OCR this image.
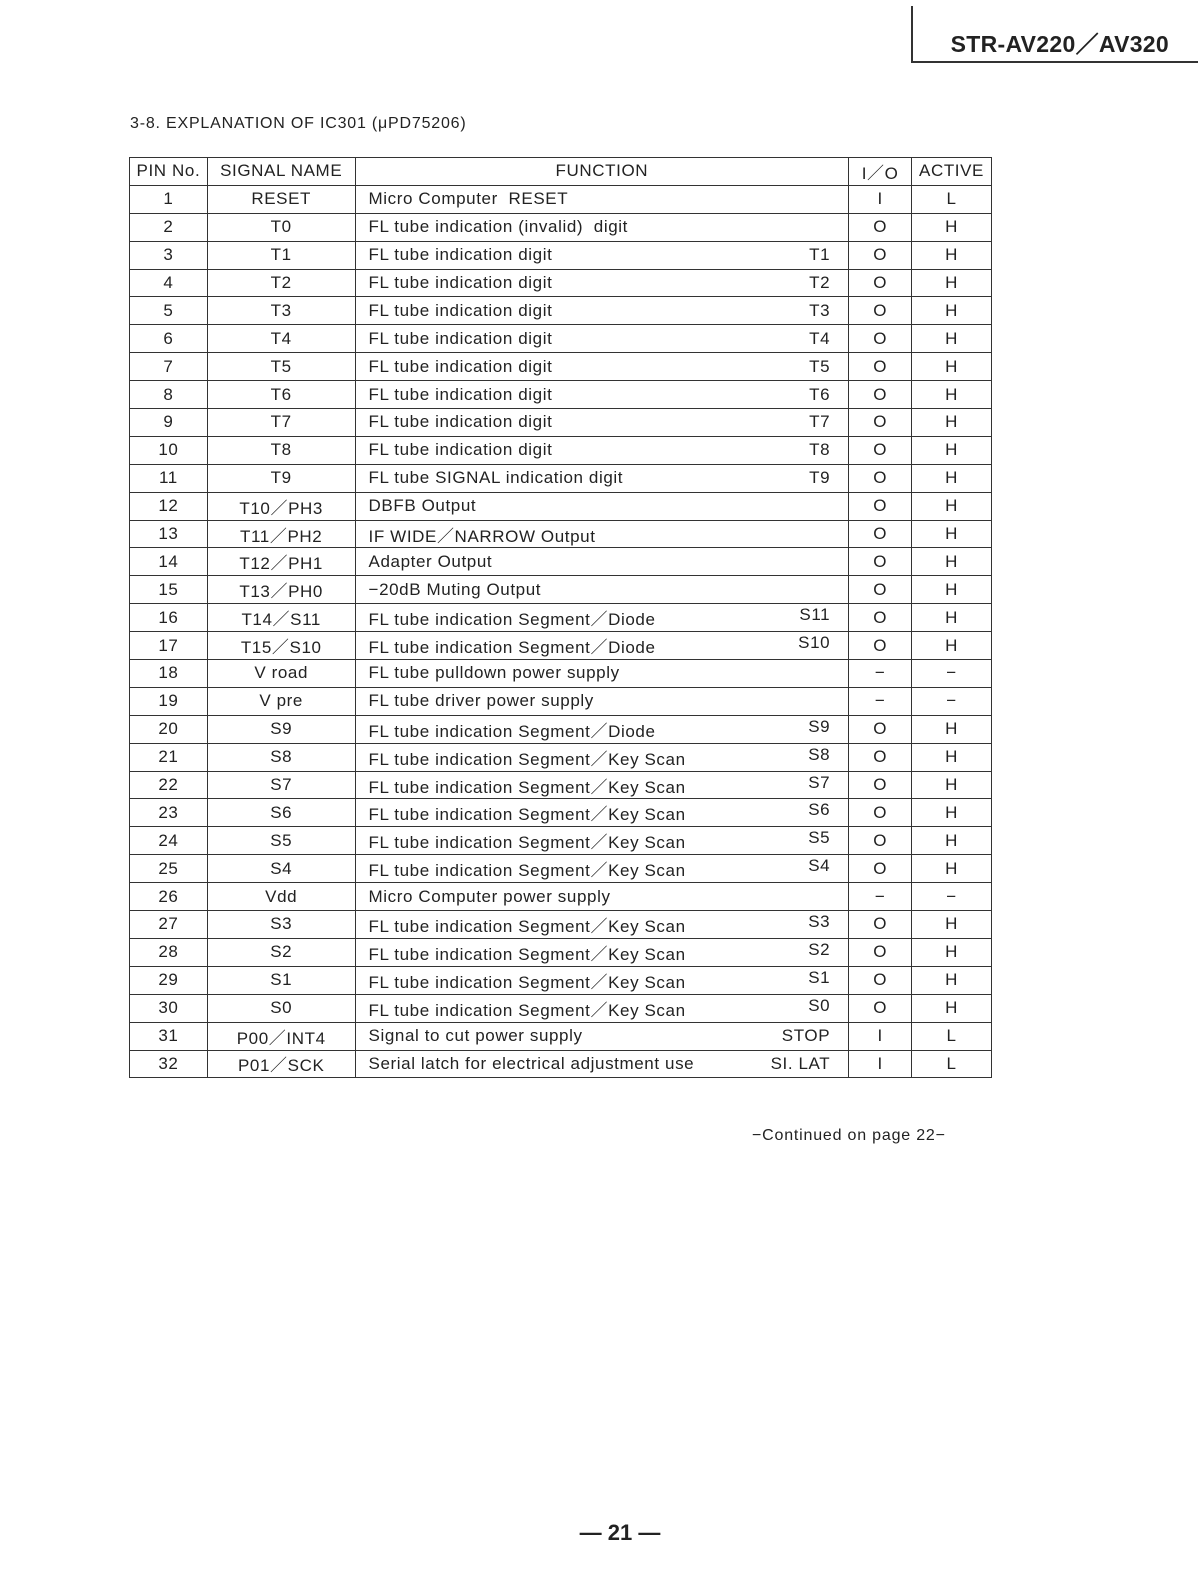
STR-AV220／AV320
3-8. EXPLANATION OF IC301 (μPD75206)
PIN No.	SIGNAL NAME	FUNCTION	I／O	ACTIVE
1	RESET	Micro Computer  RESET	I	L
2	T0	FL tube indication (invalid)  digit	O	H
3	T1	FL tube indication digit T1	O	H
4	T2	FL tube indication digit T2	O	H
5	T3	FL tube indication digit T3	O	H
6	T4	FL tube indication digit T4	O	H
7	T5	FL tube indication digit T5	O	H
8	T6	FL tube indication digit T6	O	H
9	T7	FL tube indication digit T7	O	H
10	T8	FL tube indication digit T8	O	H
11	T9	FL tube SIGNAL indication digit T9	O	H
12	T10／PH3	DBFB Output	O	H
13	T11／PH2	IF WIDE／NARROW Output	O	H
14	T12／PH1	Adapter Output	O	H
15	T13／PH0	−20dB Muting Output	O	H
16	T14／S11	FL tube indication Segment／Diode S11	O	H
17	T15／S10	FL tube indication Segment／Diode S10	O	H
18	V road	FL tube pulldown power supply	−	−
19	V pre	FL tube driver power supply	−	−
20	S9	FL tube indication Segment／Diode S9	O	H
21	S8	FL tube indication Segment／Key Scan S8	O	H
22	S7	FL tube indication Segment／Key Scan S7	O	H
23	S6	FL tube indication Segment／Key Scan S6	O	H
24	S5	FL tube indication Segment／Key Scan S5	O	H
25	S4	FL tube indication Segment／Key Scan S4	O	H
26	Vdd	Micro Computer power supply	−	−
27	S3	FL tube indication Segment／Key Scan S3	O	H
28	S2	FL tube indication Segment／Key Scan S2	O	H
29	S1	FL tube indication Segment／Key Scan S1	O	H
30	S0	FL tube indication Segment／Key Scan S0	O	H
31	P00／INT4	Signal to cut power supply STOP	I	L
32	P01／SCK	Serial latch for electrical adjustment use SI. LAT	I	L
−Continued on page 22−
— 21 —
